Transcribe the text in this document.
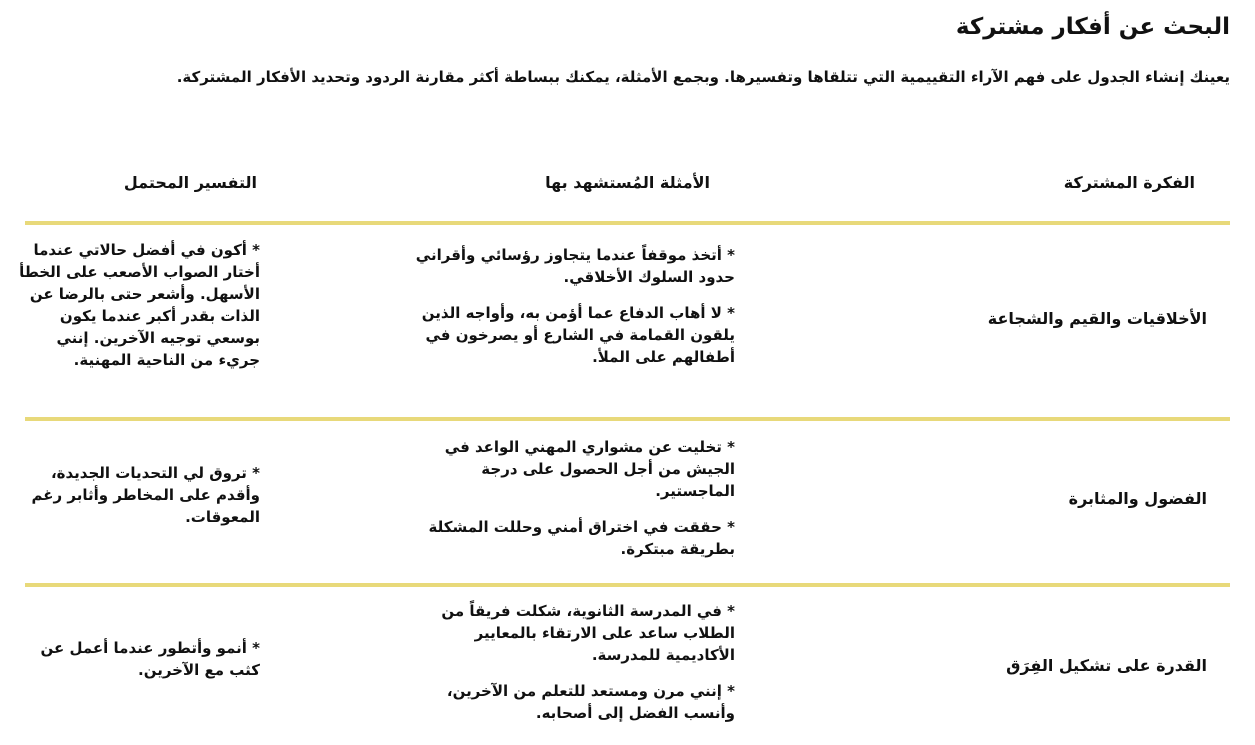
البحث عن أفكار مشتركة

يعينك إنشاء الجدول على فهم الآراء التقييمية التي تتلقاها وتفسيرها. وبجمع الأمثلة، يمكنك ببساطة أكثر مقارنة الردود وتحديد الأفكار المشتركة.

الفكرة المشتركة
الأمثلة المُستشهد بها
التفسير المحتمل
الأخلاقيات والقيم والشجاعة

* أتخذ موقفاً عندما يتجاوز رؤسائي وأقراني حدود السلوك الأخلاقي.

* لا أهاب الدفاع عما أؤمن به، وأواجه الذين يلقون القمامة في الشارع أو يصرخون في أطفالهم على الملأ.

* أكون في أفضل حالاتي عندما أختار الصواب الأصعب على الخطأ الأسهل. وأشعر حتى بالرضا عن الذات بقدر أكبر عندما يكون بوسعي توجيه الآخرين. إنني جريء من الناحية المهنية.

الفضول والمثابرة

* تخليت عن مشواري المهني الواعد في الجيش من أجل الحصول على درجة الماجستير.

* حققت في اختراق أمني وحللت المشكلة بطريقة مبتكرة.

* تروق لي التحديات الجديدة، وأقدم على المخاطر وأثابر رغم المعوقات.

القدرة على تشكيل الفِرَق

* في المدرسة الثانوية، شكلت فريقاً من الطلاب ساعد على الارتقاء بالمعايير الأكاديمية للمدرسة.

* إنني مرن ومستعد للتعلم من الآخرين، وأنسب الفضل إلى أصحابه.

* أنمو وأتطور عندما أعمل عن كثب مع الآخرين.
